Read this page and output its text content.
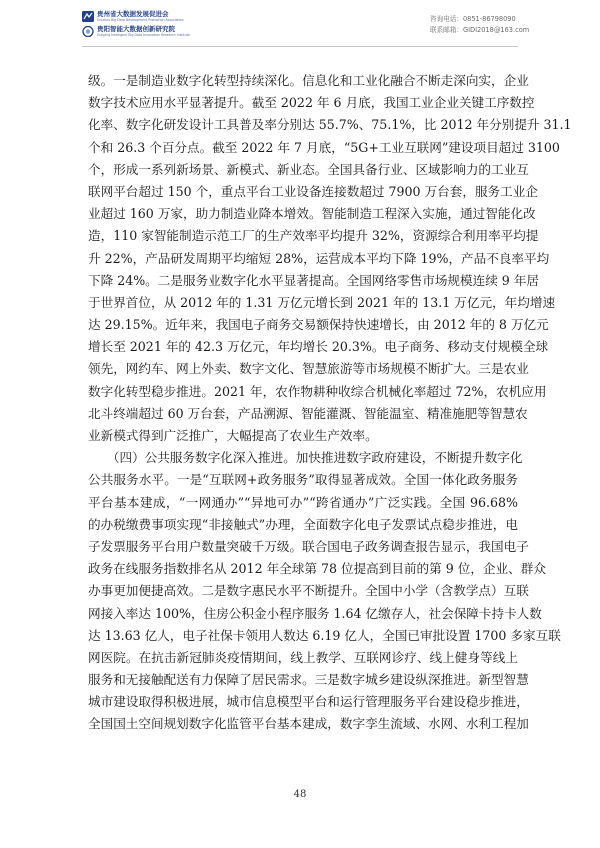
贵州省大数据发展促进会
Guizhou Big Data Development Promotion Association
贵阳智能大数据创新研究院
Guiyang Intelligent Big Data Innovation Research Institute
咨询电话：0851-86798090
联系邮箱：GIDI2018@163.com
级。一是制造业数字化转型持续深化。信息化和工业化融合不断走深向实，企业
数字技术应用水平显著提升。截至 2022 年 6 月底，我国工业企业关键工序数控
化率、数字化研发设计工具普及率分别达 55.7%、75.1%，比 2012 年分别提升 31.1
个和 26.3 个百分点。截至 2022 年 7 月底，“5G+工业互联网”建设项目超过 3100
个，形成一系列新场景、新模式、新业态。全国具备行业、区域影响力的工业互
联网平台超过 150 个，重点平台工业设备连接数超过 7900 万台套，服务工业企
业超过 160 万家，助力制造业降本增效。智能制造工程深入实施，通过智能化改
造，110 家智能制造示范工厂的生产效率平均提升 32%，资源综合利用率平均提
升 22%，产品研发周期平均缩短 28%，运营成本平均下降 19%，产品不良率平均
下降 24%。二是服务业数字化水平显著提高。全国网络零售市场规模连续 9 年居
于世界首位，从 2012 年的 1.31 万亿元增长到 2021 年的 13.1 万亿元，年均增速
达 29.15%。近年来，我国电子商务交易额保持快速增长，由 2012 年的 8 万亿元
增长至 2021 年的 42.3 万亿元，年均增长 20.3%。电子商务、移动支付规模全球
领先，网约车、网上外卖、数字文化、智慧旅游等市场规模不断扩大。三是农业
数字化转型稳步推进。2021 年，农作物耕种收综合机械化率超过 72%，农机应用
北斗终端超过 60 万台套，产品溯源、智能灌溉、智能温室、精准施肥等智慧农
业新模式得到广泛推广，大幅提高了农业生产效率。
　　（四）公共服务数字化深入推进。加快推进数字政府建设，不断提升数字化
公共服务水平。一是“互联网+政务服务”取得显著成效。全国一体化政务服务
平台基本建成，“一网通办”“异地可办”“跨省通办”广泛实践。全国 96.68%
的办税缴费事项实现“非接触式”办理，全面数字化电子发票试点稳步推进，电
子发票服务平台用户数量突破千万级。联合国电子政务调查报告显示，我国电子
政务在线服务指数排名从 2012 年全球第 78 位提高到目前的第 9 位，企业、群众
办事更加便捷高效。二是数字惠民水平不断提升。全国中小学（含教学点）互联
网接入率达 100%，住房公积金小程序服务 1.64 亿缴存人，社会保障卡持卡人数
达 13.63 亿人，电子社保卡领用人数达 6.19 亿人，全国已审批设置 1700 多家互联
网医院。在抗击新冠肺炎疫情期间，线上教学、互联网诊疗、线上健身等线上
服务和无接触配送有力保障了居民需求。三是数字城乡建设纵深推进。新型智慧
城市建设取得积极进展，城市信息模型平台和运行管理服务平台建设稳步推进，
全国国土空间规划数字化监管平台基本建成，数字孪生流域、水网、水利工程加
48
